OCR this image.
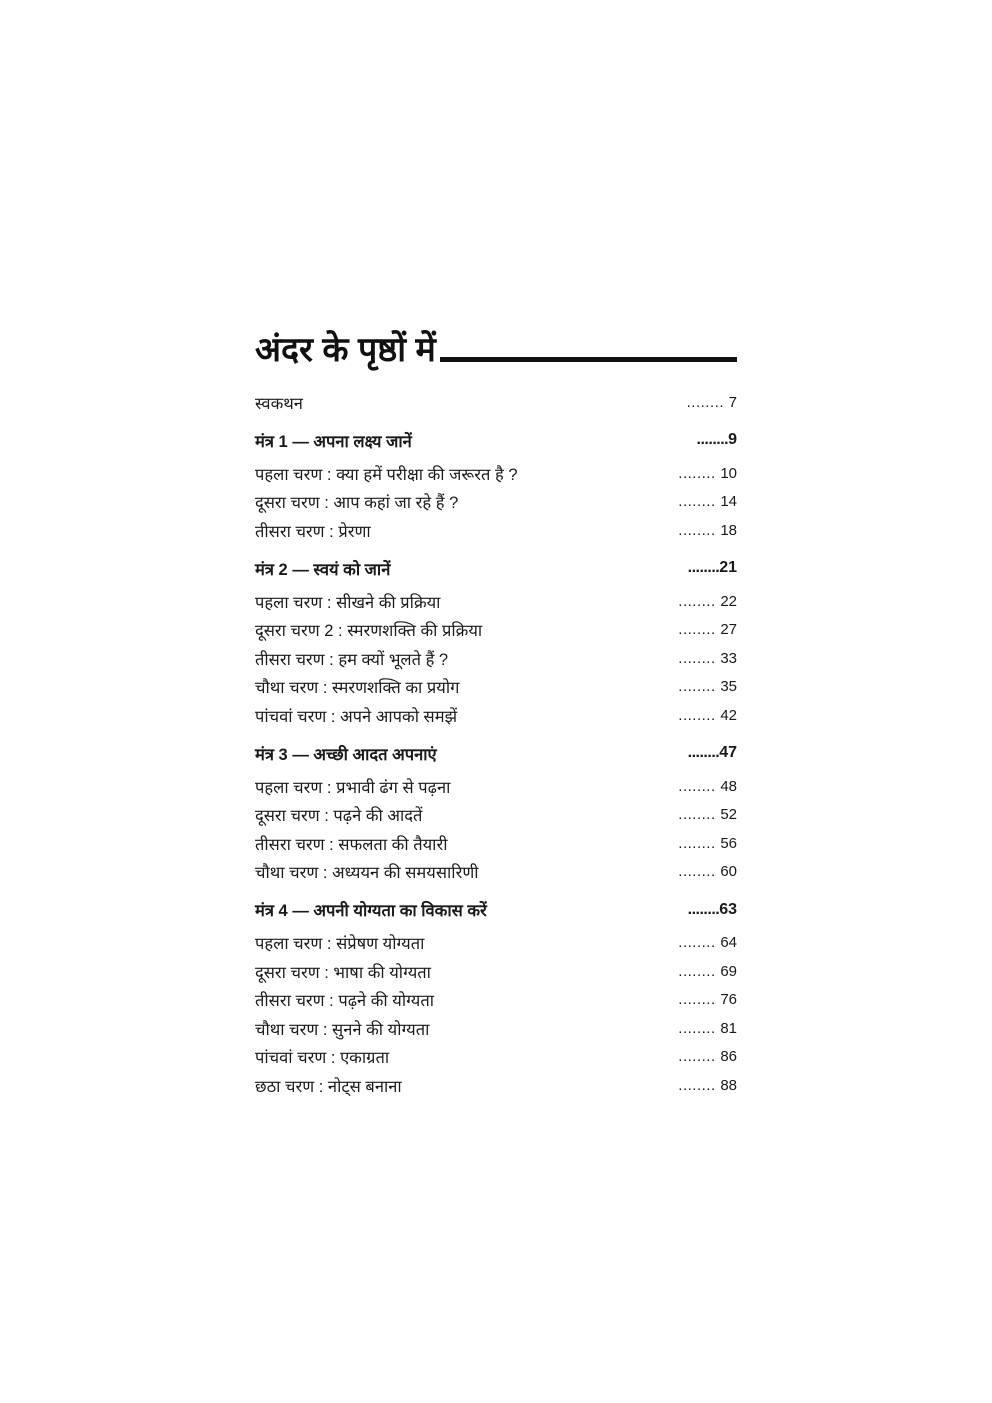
अंदर के पृष्ठों में
स्वकथन	..... 7
मंत्र 1 — अपना लक्ष्य जानें	........ 9
पहला चरण : क्या हमें परीक्षा की जरूरत है ?	..... 10
दूसरा चरण : आप कहां जा रहे हैं ?	..... 14
तीसरा चरण : प्रेरणा	..... 18
मंत्र 2 — स्वयं को जानें	........ 21
पहला चरण : सीखने की प्रक्रिया	..... 22
दूसरा चरण 2 : स्मरणशक्ति की प्रक्रिया	..... 27
तीसरा चरण : हम क्यों भूलते हैं ?	..... 33
चौथा चरण : स्मरणशक्ति का प्रयोग	..... 35
पांचवां चरण : अपने आपको समझें	..... 42
मंत्र 3 — अच्छी आदत अपनाएं	........ 47
पहला चरण : प्रभावी ढंग से पढ़ना	..... 48
दूसरा चरण : पढ़ने की आदतें	..... 52
तीसरा चरण : सफलता की तैयारी	..... 56
चौथा चरण : अध्ययन की समयसारिणी	..... 60
मंत्र 4 — अपनी योग्यता का विकास करें	........ 63
पहला चरण : संप्रेषण योग्यता	..... 64
दूसरा चरण : भाषा की योग्यता	..... 69
तीसरा चरण : पढ़ने की योग्यता	..... 76
चौथा चरण : सुनने की योग्यता	..... 81
पांचवां चरण : एकाग्रता	..... 86
छठा चरण : नोट्स बनाना	..... 88
